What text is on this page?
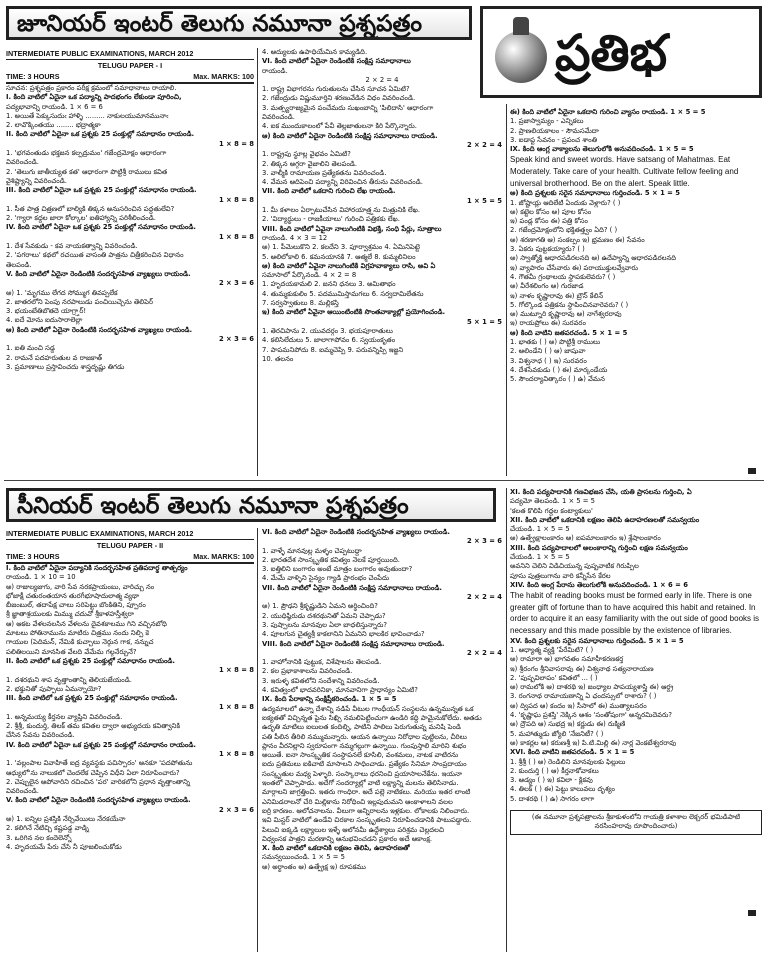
జూనియర్ ఇంటర్ తెలుగు నమూనా ప్రశ్నపత్రం	ప్రతిభ
INTERMEDIATE PUBLIC EXAMINATIONS, MARCH 2012
TELUGU PAPER - I
TIME: 3 HOURS	Max. MARKS: 100
సూచన: ప్రశ్నపత్రం ప్రకారం పరీక్ష క్రమంలో సమాధానాలు రాయాలి.
I. కింది వాటిలో ఏదైనా ఒక పద్యాన్ని పాదభంగం లేకుండా పూరించి,
పద్యభావాన్ని రాయండి. 1 × 6 = 6
1. అయితే పెక్కుసుదుఁ హాళ్ళి ......... నాకులయుమానమునాఁ
2. లావొక్కింతయు ........ భద్రాత్మకా
II. కింది వాటిలో ఏదైనా ఒక ప్రశ్నకు 25 పంక్తుల్లో సమాధానం రాయండి.
1 × 8 = 8
1. 'భగవంతుడు భక్తజన కల్పద్రుమం' గజేంద్రమోక్షం ఆధారంగా
వివరించండి.
2. 'తెలుగు జాతీయ్యత కత' ఆధారంగా పొట్టిశ్రీ రాములు కవిత
వైశిష్ట్యాన్ని వివరించండి.
III. కింది వాటిలో ఏదైనా ఒక ప్రశ్నకు 25 పంక్తుల్లో సమాధానం రాయండి.
1 × 8 = 8
1. సీత పాత్ర చిత్రణలో బాల్యికి తిక్కన అనుసరించిన పద్ధతులేవి?
2. 'గ్యారా కద్దల జారా కోల్కాల' ఐతిహ్యాన్ని పరిశీలించండి.
IV. కింది వాటిలో ఏదైనా ఒక ప్రశ్నకు 25 పంక్తుల్లో సమాధానం రాయండి.
1 × 8 = 8
1. దేశ సేవకుడు - కవ నాయకత్వాన్ని వివరించండి.
2. 'పగరాలు' కథలో రచయిత వాసంతి పాత్రను చిత్రీకరించిన విధానం
తెలపండి.
V. కింది వాటిలో ఏదైనా రెండింటికి సందర్భసహిత వ్యాఖ్యలు రాయండి.
2 × 3 = 6
అ) 1. 'మృగము లేగద సోమ్ముగ తివప్పలేక
2. జాతరలోని పెంపు నరపాలుడు పంచియిచ్చెను తెలిపెర్
3. భయంబేతిబొతదె యాగ్ర్తార్!
4. ఐదే మోను ఐదుసారాలెల్లా
ఆ) కింది వాటిలో ఏదైనా రెండింటికి సందర్భసహిత వ్యాఖ్యలు రాయండి.
2 × 3 = 6
1. ఐతి మంచి సడ్డ
2. రామనే పదహరుతుల వ రాజకాత్
3. ప్రమాణాలు ప్రస్తావించదు శాస్త్రదృష్ణు తిగడు
4. ఆద్యులకు ఉపాధియేమిన కామ్యడిది.
VI. కింది వాటిలో ఏదైనా రెండింటికి సంక్షిప్త సమాధానాలు
రాయండి.
2 × 2 = 4
1. రాష్ట్ర విభాగరను గురుతులను చేసిన సూచన ఏమిటి?
2. గజేంద్రుడు విష్ణుమూర్తిని శరణువేడిన విధం వివరించండి.
3. మత్స్యరాజ్యమైన పంచేమదు సుఖంబాన్ని 'పిలిదాసి' ఆధారంగా
వివరించండి.
4. ఐక ముందుకాలంలో పేవీ తెల్లజాతులనా కిరి పేర్కొన్నారు.
ఆ) కింది వాటిలో ఏదైనా రెండింటికి సంక్షిప్త సమాధానాలు రాయండి.
2 × 2 = 4
1. రాష్ట్రపు స్థూల్ల వైభవం ఏమిటి?
2. తిక్కన అగ్గరా వైజాలిని తెలపండి.
3. వాల్మీకి రామాయణ ప్రత్యేకతను వివరించండి.
4. వేమన ఆదిపెంచి పద్యాన్ని విరివించిన తీరును వివరించండి.
VII. కింది వాటిలో ఒకదాని గురించి లేఖ రాయండి.
1 × 5 = 5
1. మీ కళాలం ఏర్పాటుచేసిన విహారయాత్ర్తను మిత్రునికి లేఖ.
2. 'విద్యార్థులు - రాజకీయాలు' గురించి పత్రికకు లేఖ.
VIII. కింది వాటిలో ఏవైనా నాలుగింటికి విభక్తి, సంధి పేర్లు, సూత్రాలు
రాయండి. 4 × 3 = 12
అ) 1. పీమెలుకొని 2. కలదేని 3. పూర్వాశ్రమం 4. ఏమినిపెట్టె
5. ఆలిలోకాలి 6. కమనయానకి 7. ఆత్మలే 8. కుమ్మలినిలం
ఆ) కింది వాటిలో ఏవైనా నాలుగింటికి విగ్రహవాక్యాలు రాసి, అవి ఏ
సమాసాలో పేర్కొనండి. 4 × 2 = 8
1. హృదయకామలి 2. జనని ధనలు 3. అమితాభం
4. తుమ్మకుకులిం 5. పదముమిస్తామగలు 6. సర్వదామిలేతను
7. సర్వస్వాతులు 8. మల్లికస్తి
ఇ) కింది వాటిలో ఏవైనా ఆయింటింటికి సొంతవాక్యాల్లో ప్రయోగించండి.
5 × 1 = 5
1. తెరచిపాను 2. యువదర్గం 3. భయపూరాతులు
4. కలిసిలేదులు 5. జాలాగాపోవం 6. స్వయంకృతం
7. పాపమనిపోదు 8. ఐమ్మచెప్పి 9. పరువన్నిప్పి ఇజ్జని
10. తలనం
ఈ) కింది వాటిలో ఏదైనా ఒకదాని గురించి వ్యాసం రాయండి. 1 × 5 = 5
1. ప్రజాస్వామ్యం - ఎన్నికలు
2. ప్రాణలియకాలం - సౌమసమేదా
3. ఐడాప్ట సేవనం - ప్రపంచ శాంతి
IX. కింది ఆంగ్ల వాక్యాలను తెలుగులోకి అనువదించండి. 1 × 5 = 5
Speak kind and sweet words. Have satsang of Mahatmas. Eat Moderately. Take care of your health. Cultivate fellow feeling and universal brotherhood. Be on the alert. Speak little.
అ) కింది ప్రశ్నలకు సరైన సమాధానాలు గుర్తించండి. 5 × 1 = 5
1. జోష్టాయ్ల ఆదిలేటి ఏందుకు వెళ్లారు? ( )
అ) కట్టెల కోసం ఆ) పూల కోసం
ఇ) పండ్ల కోసం ఈ) పత్రి కోసం
2. గజేంద్రమోక్షంలోని భక్తితత్త్వం ఏది? ( )
అ) శరణాగతి ఆ) సంకల్పం ఇ) భ్రమణం ఈ) సేవనం
3. ఏకరు పుట్టకయ్యారు? ( )
అ) స్వాత్మోక్తి ఆధారపడిరలనది ఆ) ఉదేప్యాన్ని ఆధారపడిరలనది
ఇ) వ్యాపారం చేసేవారు ఈ) పరాయుక్తులవ్వేవారు
4. గౌతమీ గ్రంథాలయ స్థాపకులెవరు? ( )
అ) వీరేశలింగం ఆ) గురజాడ
ఇ) నాళం కృష్ణారావు ఈ) బ్రౌన్ కేలిన్
5. గోల్కొండ పత్రికను స్థాపించినవారెవరు? ( )
అ) ముట్నూరి కృష్ణారావు ఆ) నాగేశ్వరరావు
ఇ) రాయప్రోలు ఈ) సురవరం
ఆ) కింది వాటిని జతపరచండి. 5 × 1 = 5
1. భాతకు ( ) అ) పొట్టిశ్రీ రాములు
2. ఆలిండేని ( ) ఆ) జాషువా
3. విశ్వనాధ ( ) ఇ) సురవరం
4. దేశసేవకుడు ( ) ఈ) మార్కండేయ
5. సౌందర్యావిత్కారం ( ) ఉ) వేమన
సీనియర్ ఇంటర్ తెలుగు నమూనా ప్రశ్నపత్రం
INTERMEDIATE PUBLIC EXAMINATIONS, MARCH 2012
TELUGU PAPER - II
TIME: 3 HOURS	Max. MARKS: 100
I. కింది వాటిలో ఏదైనా పద్యానికి సందర్భసహిత ప్రతిపదార్థ తాత్పర్యం
రాయండి. 1 × 10 = 10
అ) రాజుల్యజుగు, వారి సేవ నరకప్రాయంబు, వారిచ్చు నం
భోజాక్షీ చతురంతయాన తురగీభూషాదులాత్మ వ్యథా
బీజంబుల్, తదాపేక్ష చాలు సరిపెట్టు బొంకితిని, ప్పూరం
శ్రీ జ్ఞాతాశ్రయులకు మిమ్ము చదువో శ్రీకాళహస్తీశ్వరా
ఆ) ఆకట వేళలనలసిన వేళలను దైవశకాలము గిని వచ్చినబోధి
మాటలు పోతినామును మాటిరు చిత్రము నందు నిల్పి కె
గాయుల (పెదిమన్, నేమికి కుచ్చాలు నెర్గున గాక, నన్నుచ
పలితిలయిని మానసిత వేలది వేమేమ గల్గనేర్చునే?
II. కింది వాటిలో ఒక ప్రశ్నకు 25 పంక్తుల్లో సమాధానం రాయండి.
1 × 8 = 8
1. దశరథుని శాప వృత్తాంతాన్ని తెలియజేయండి.
2. భక్తునితో పుప్పాలు ఏమన్నాయో?
III. కింది వాటిలో ఒక ప్రశ్నకు 25 పంక్తుల్లో సమాధానం రాయండి.
1 × 8 = 8
1. అన్నమయ్య కీర్తనల వ్యాప్తిని వివరించండి.
2. శ్రీశ్రీ, కుందుర్తి, తిలక్ తమ కవితల ద్వారా అభ్యుదయ కవిత్వానికి
చేసిన సేవను వివరించండి.
IV. కింది వాటిలో ఏదైనా ఒక ప్రశ్నకు 25 పంక్తుల్లో సమాధానం రాయండి.
1 × 8 = 8
1. 'వల్లంపాల వివాహితే ఐద్ర వ్యవస్థకు పచిస్పారం' అనకూ 'పదపోతును
ఆధ్యులో'ను నాలుకలో చెందలేక చెప్పిన విధీని ఏలా నిరూపించారు?
2. చెప్పులైన అపోవారిని రచించిన 'పర' వారికలోని ప్రధాన వృత్తాంతాన్ని
వివరించండి.
V. కింది వాటిలో ఏదైనా రెండింటికి సందర్భసహిత వ్యాఖ్యలు రాయండి.
2 × 3 = 6
అ) 1. ఐన్నిల ప్రశస్తికి నేర్చివేయిలు నేరకయేనా
2. కలిగినే నేటిచ్చి కష్టపడ్డ వాడ్ని
3. ఒరిగిన నల కందెలెన్నో
4. హృదయమే పేరు చేసి నీ పూజలించుకోడు
VI. కింది వాటిలో ఏదైనా రెండింటికి సందర్భసహిత వ్యాఖ్యలు రాయండి.
2 × 3 = 6
1. వాళ్ళే మానవుల్ల మళ్ళం చెప్పటుద్దా
2. భారతదేశ సాంస్కృతిక కవిత్వం నెలకే పూర్తయింది.
3. ఐత్తిలిని బంగారం అంటే మాత్రం బంగారం అవుతుందా?
4. మేమే వాళ్ళిని సైన్యం గ్యాడి ప్రారంభం చెంపేదు
VII. కింది వాటిలో ఏదైనా రెండింటికి సంక్షిప్త సమాధానాలు రాయండి.
2 × 2 = 4
అ) 1. ప్రౌఢని శ్రీకృష్ణుడిని ఏమని అర్థించింది?
2. యుధిష్ఠిరుడు దశరథునితో ఏమని చెప్పాడు?
3. పుష్పాలను మానవుల ఏలా బాధలిస్తున్నారు?
4. పూలగున చైత్యశ్రీ కాకలానిని ఏమనిని భాలకిర భావించాడు?
VIII. కింది వాటిలో ఏదైనా రెండింటికి సంక్షిప్త సమాధానాలు రాయండి.
2 × 2 = 4
1. వాహోనానికి పుట్టుక, విశేషాలను తెలపండి.
2. కల ప్రభాకాశాలను వివరించండి.
3. ఇరుళ్ళ కవితలోని సందేశాన్ని వివరించండి.
4. కవిత్వంలో భాదవరినికా, మానవానిగా ప్రాధాన్యం ఏమిటి?
IX. కింది పేరాకాన్ని సంక్షిప్తీకరించండి. 1 × 5 = 5
ఉద్యమాలలో ఉన్నా దేశాన్ని నడిపే వీటుల గాంధీయన్ సంస్థలను ఉన్నమున్నత ఒక
ఐక్యతతో విచ్చిన్నత పైను సిఖ్చి నమలిపెట్టించుగా ఉండిరి కద్ది పామైనుకోలేదు. అతడు
ఉదృతి మాటిలు ఐలులత కందిల్ని, పాటిని పాలిలు పెరుగుతున్న మనిషి పెండి
పతి పీలిన తీరిలి నమ్ముమన్నారు. ఆయన ఉన్నాయి నిరోధాల పుట్టిలను, చీరిలు
ప్లానం వీరనిల్లాని స్వరూపంగా నమ్మగల్గుగా ఉన్నాయి. గుంపుస్తాలి మారిని శుభం
అయితే. ఐనా సాంస్కృతిక సంస్థాపనలే కూసిలి, వంశమలు, నాటక వాటిరను
ఐదు ప్రతిమలు ఐకిచాటి మాసాలని సాధించాడు. ప్రత్యేకం సినిమా సాంప్రదాయం
సంస్కృతుల మధ్య పెళ్ళారి. సంస్కారాలు ధరనించి ప్రయాసాలనేకేను. ఇయనా
ఇంతలో చెప్పాపాడు. అదేగో సందర్యాల్లో వాటి లక్ష్యాన్ని మలను తెలిసినాడు.
మార్గాలని జాగ్రత్తించి. ఇతరు గాంధిరా. అదే పల్లె నాటికలు. మరియు ఇతర లాంటి
ఎనిమిడరాలనో చేరి మిల్లికాను నిరోధించి ఇల్లపుదుమని ఆంకాళాలని వలల
ఐర్రి కారణం. ఆలోచనాలను. వీలుగా అన్నిరాలను ఇళ్లకుల. లోకాలకు నిలించారు.
ఇవి మిస్టర్ వాటిలో ఉండేవి చిరకాల సంస్కృతలని నిరూపించడానికి పాటుపడ్డారు.
పిలుచి ఐక్కడి లక్ష్యాలుల ఇళ్ళే ఆలోనమీ ఉద్దేశ్యాలు పరిశ్రమ చెల్లదలచి
విధ్వంసక పాత్రని మరణాన్ని ఆనుభవించడని ప్రకారం అదే ఆకాంక్ష.
X. కింది వాటిలో ఒకదానికి లక్షణం తెలిపి, ఉదాహరణతో
సమన్వయించండి. 1 × 5 = 5
అ) అర్థాంతం ఆ) ఉత్ప్రేక్ష ఇ) రూపకము
XI. కింది పద్యపాదానికి గణవిభజన చేసి, యతి ప్రాసలను గుర్తించి, ఏ
పద్యమో తెలపండి. 1 × 5 = 5
'కలత కొలిపి గద్దల కంట్యాకులు'
XII. కింది వాటిలో ఒకదానికి లక్షణం తెలిపి ఉదాహరణలతో సమన్వయం
చేయండి. 1 × 5 = 5
అ) ఉత్ప్రేక్షాలంకారం ఆ) ఐపమాలంకారం ఇ) శ్లేషాలంకారం
XIII. కింది పద్యపాదాలలో అలంకారాన్ని గుర్తించి లక్షణ సమన్వయం
చేయండి. 1 × 5 = 5
అవనిని చెలిని విడిచియున్న పుష్పవాటిక గిరుప్పిల
పూసు పుత్రలుగాను వారి కన్నీసేన కేరల
XIV. కింది ఆంగ్ల పేరాను తెలుగులోకి అనువదించండి. 1 × 6 = 6
The habit of reading books must be formed early in life. There is one greater gift of fortune than to have acquired this habit and retained. In order to acquire it an easy familiarity with the out side of good books is necessary and this made possible by the existence of libraries.
XV. కింది ప్రశ్నలకు సరైన సమాధానాలు గుర్తించండి. 5 × 1 = 5
1. ఆధ్యాత్మ వ్యక్తి 'పేరేమిటి? ( )
అ) రామారా ఆ) భాగవతం సమాహీకరణకర్త
ఇ) శ్రీరంగం శ్రీనివాసరావు ఈ) విశ్వనాథ సత్యనారాయణ
2. 'పుష్పవిలాపం' కవితలో ... ( )
అ) రామలోకి ఆ) దాశరథి ఇ) జంధ్యాల పాపయ్యశాస్త్రి ఈ) ఆర్ద్ర
3. రంగనాథ రామాయణాన్ని ఏ ఛందస్సులో రాశారు? ( )
అ) ద్విపద ఆ) కందం ఇ) సీసాలో ఈ) ముత్యాలసరం
4. 'కృష్ణాఘ ప్రశస్తి' నెక్కిన ఆశం 'సంతోషంగా' అన్నరమిదెవరు?
అ) ద్రౌపది ఆ) సుభద్ర ఇ) కర్ణుడు ఈ) రుక్మిణి
5. మహాత్ముడు జ్యోలి 'నేజనిటీ? ( )
అ) కాకర్లల ఆ) కరుణశ్రీ ఇ) పి.టి.మిల్లి ఈ) నార్ల వెంకటేశ్వరరావు
XVI. కింది వాటిని జతపరచండి. 5 × 1 = 5
1. శ్రీశ్రీ ( ) అ) రెండిలిని మానవులకు ఫిల్లులు
2. కుందుర్తి ( ) ఆ) కీర్తనాకోవాకలు
3. ఆడ్యం ( ) ఇ) కవిలా - క్లికవు
4. తిలక్ ( ) ఈ) పెట్టు కాలువలు దృశ్యం
5. దాశరథి ( ) ఉ) సాగరం లాగా
(ఈ నమూనా ప్రశ్నపత్రాలను శ్రీకాకుళంలోని గాయత్రి కళాశాల లెక్చరర్ భమిడిపాటి నరసింహరావు రూపొందించారు)
